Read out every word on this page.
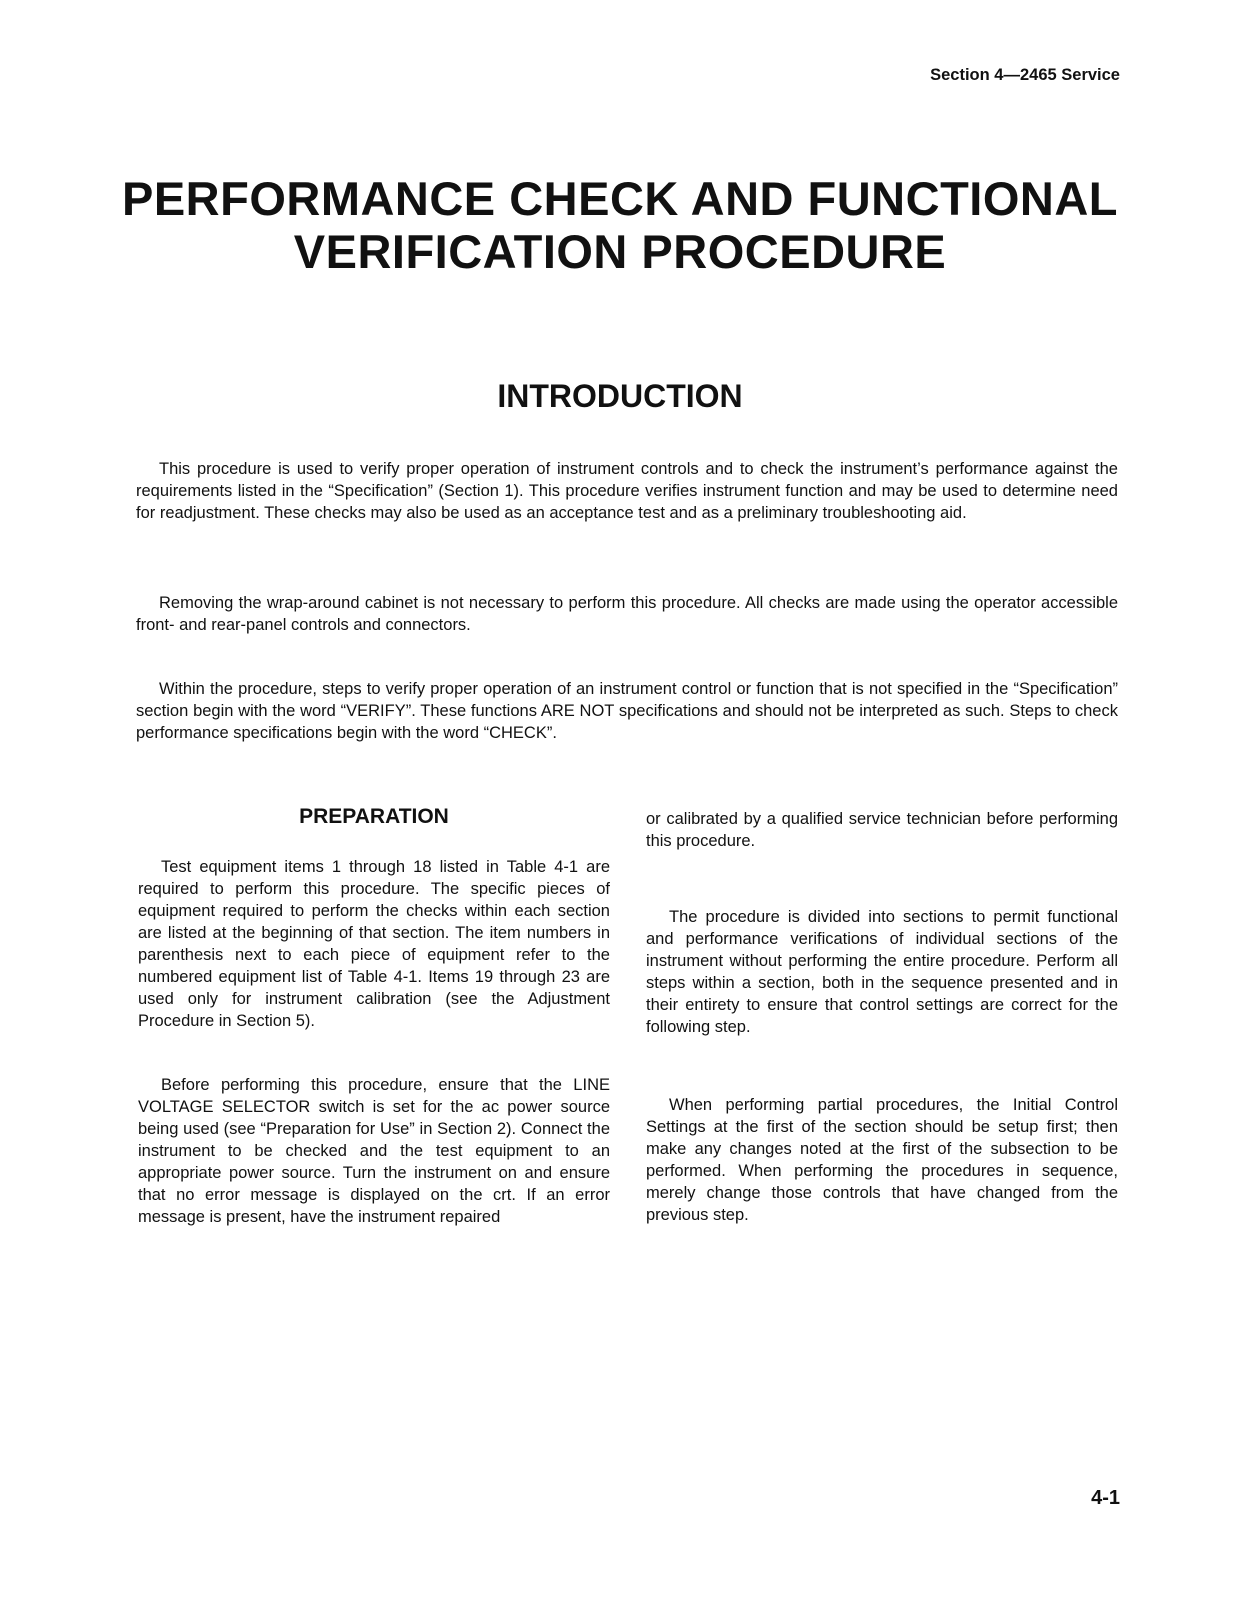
Section 4—2465 Service
PERFORMANCE CHECK AND FUNCTIONAL
VERIFICATION PROCEDURE
INTRODUCTION

This procedure is used to verify proper operation of instrument controls and to check the instrument’s performance against the requirements listed in the “Specification” (Section 1). This procedure verifies instrument function and may be used to determine need for readjustment. These checks may also be used as an acceptance test and as a preliminary troubleshooting aid.

Removing the wrap-around cabinet is not necessary to perform this procedure. All checks are made using the operator accessible front- and rear-panel controls and connectors.

Within the procedure, steps to verify proper operation of an instrument control or function that is not specified in the “Specification” section begin with the word “VERIFY”. These functions ARE NOT specifications and should not be interpreted as such. Steps to check performance specifications begin with the word “CHECK”.

PREPARATION

Test equipment items 1 through 18 listed in Table 4-1 are required to perform this procedure. The specific pieces of equipment required to perform the checks within each section are listed at the beginning of that section. The item numbers in parenthesis next to each piece of equipment refer to the numbered equipment list of Table 4-1. Items 19 through 23 are used only for instrument calibration (see the Adjustment Procedure in Section 5).

Before performing this procedure, ensure that the LINE VOLTAGE SELECTOR switch is set for the ac power source being used (see “Preparation for Use” in Section 2). Connect the instrument to be checked and the test equipment to an appropriate power source. Turn the instrument on and ensure that no error message is displayed on the crt. If an error message is present, have the instrument repaired

or calibrated by a qualified service technician before performing this procedure.

The procedure is divided into sections to permit functional and performance verifications of individual sections of the instrument without performing the entire procedure. Perform all steps within a section, both in the sequence presented and in their entirety to ensure that control settings are correct for the following step.

When performing partial procedures, the Initial Control Settings at the first of the section should be setup first; then make any changes noted at the first of the subsection to be performed. When performing the procedures in sequence, merely change those controls that have changed from the previous step.

4-1
